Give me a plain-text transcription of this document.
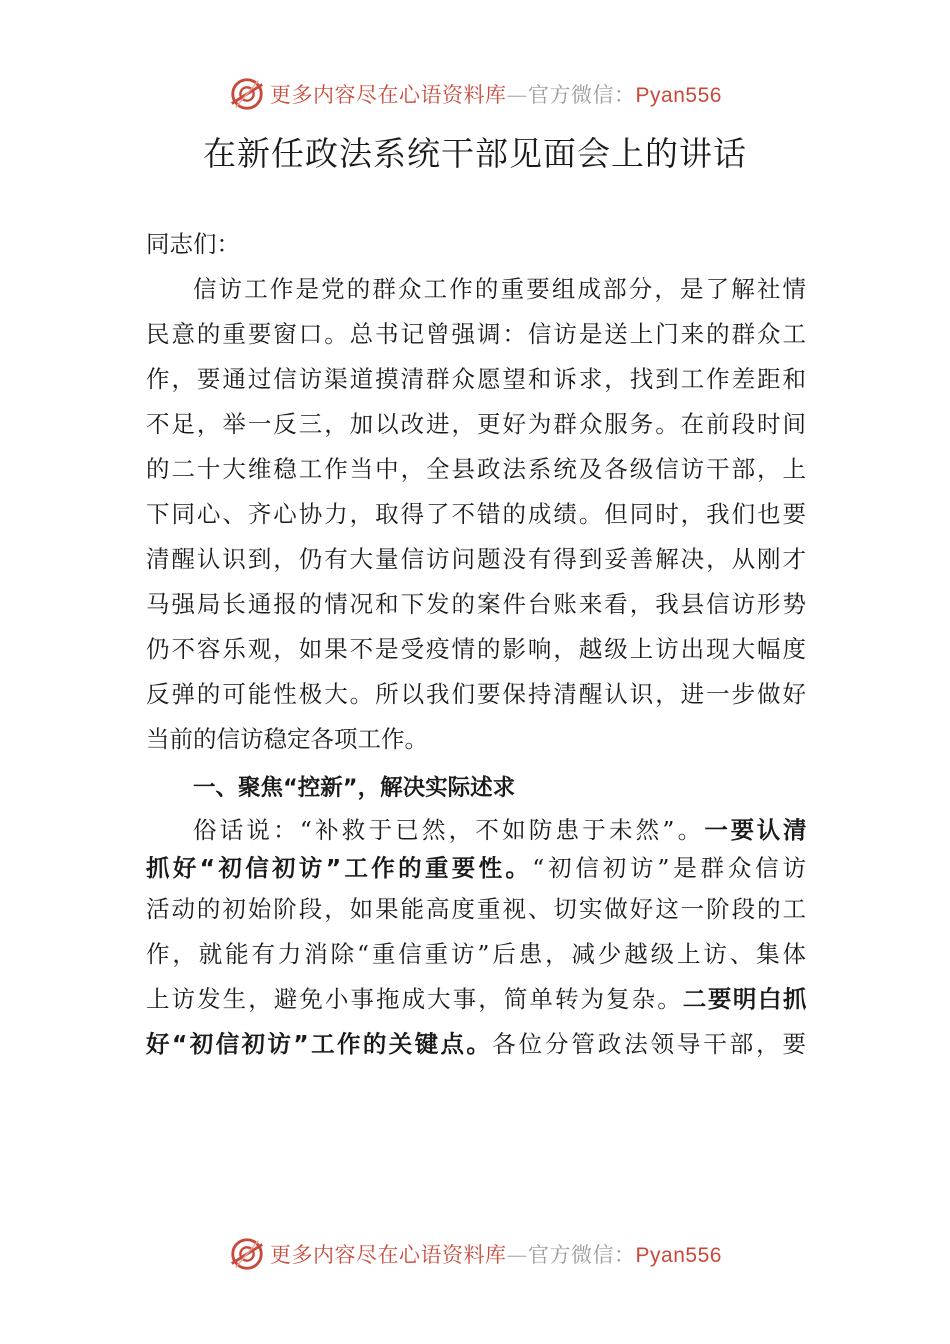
更多内容尽在心语资料库—官方微信：Pyan556
在新任政法系统干部见面会上的讲话
同志们：
信访工作是党的群众工作的重要组成部分，是了解社情
民意的重要窗口。总书记曾强调：信访是送上门来的群众工
作，要通过信访渠道摸清群众愿望和诉求，找到工作差距和
不足，举一反三，加以改进，更好为群众服务。在前段时间
的二十大维稳工作当中，全县政法系统及各级信访干部，上
下同心、齐心协力，取得了不错的成绩。但同时，我们也要
清醒认识到，仍有大量信访问题没有得到妥善解决，从刚才
马强局长通报的情况和下发的案件台账来看，我县信访形势
仍不容乐观，如果不是受疫情的影响，越级上访出现大幅度
反弹的可能性极大。所以我们要保持清醒认识，进一步做好
当前的信访稳定各项工作。
一、聚焦“控新”，解决实际述求
俗话说：“补救于已然，不如防患于未然”。一要认清
抓好“初信初访”工作的重要性。“初信初访”是群众信访
活动的初始阶段，如果能高度重视、切实做好这一阶段的工
作，就能有力消除“重信重访”后患，减少越级上访、集体
上访发生，避免小事拖成大事，简单转为复杂。二要明白抓
好“初信初访”工作的关键点。各位分管政法领导干部，要
更多内容尽在心语资料库—官方微信：Pyan556
